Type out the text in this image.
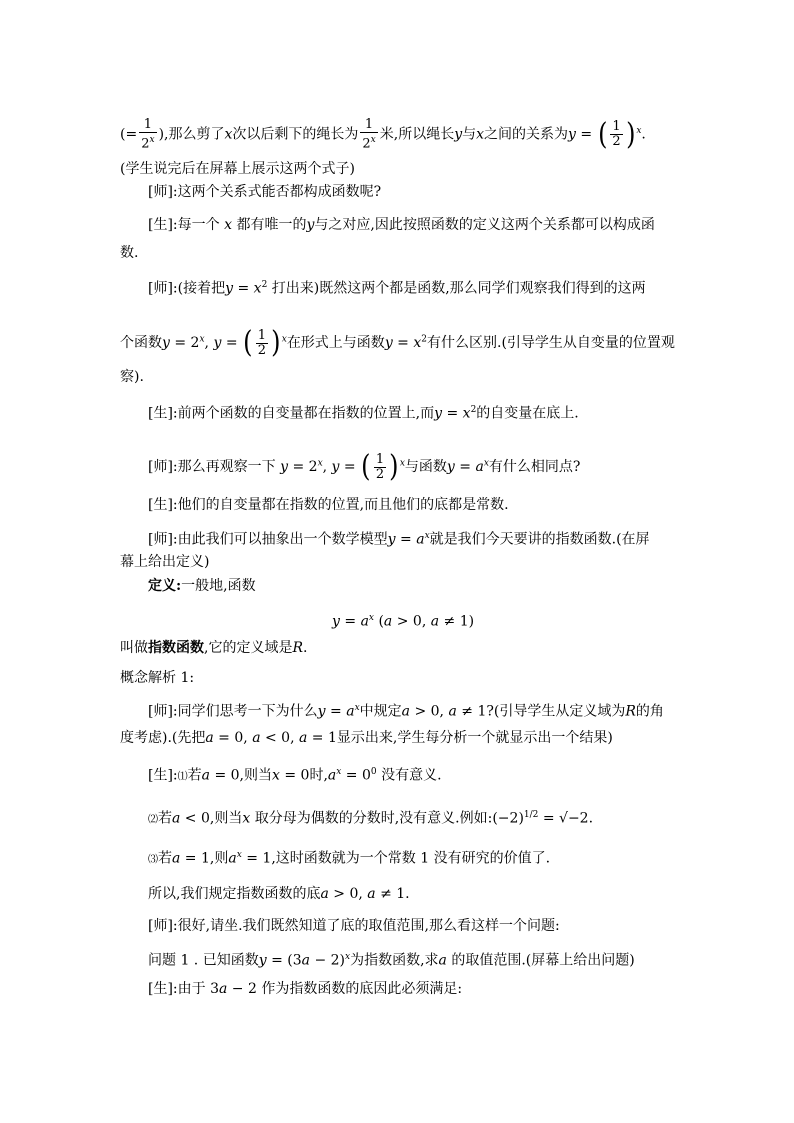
(= $\frac{1}{2^x}$ ),那么剪了x次以后剩下的绳长为 $\frac{1}{2^x}$ 米,所以绳长y与x之间的关系为y = ( $\frac{1}{2} )^x$.
(学生说完后在屏幕上展示这两个式子)
[师]:这两个关系式能否都构成函数呢?
[生]:每一个 x 都有唯一的y与之对应,因此按照函数的定义这两个关系都可以构成函
数.
[师]:(接着把$y = x^2$ 打出来)既然这两个都是函数,那么同学们观察我们得到的这两
个函数$y = 2^x$, y = ( $\frac{1}{2} )^x$在形式上与函数$y = x^2$有什么区别.(引导学生从自变量的位置观
察).
[生]:前两个函数的自变量都在指数的位置上,而$y = x^2$的自变量在底上.
[师]:那么再观察一下 $y = 2^x$, y = ( $\frac{1}{2} )^x$与函数$y = a^x$有什么相同点?
[生]:他们的自变量都在指数的位置,而且他们的底都是常数.
[师]:由此我们可以抽象出一个数学模型$y = a^x$就是我们今天要讲的指数函数.(在屏
幕上给出定义)
定义:一般地,函数
$y = a^x$ (a > 0, a ≠ 1)
叫做指数函数,它的定义域是R.
概念解析 1:
[师]:同学们思考一下为什么$y = a^x$中规定a > 0, a ≠ 1?(引导学生从定义域为R的角
度考虑).(先把a = 0, a < 0, a = 1显示出来,学生每分析一个就显示出一个结果)
[生]:⑴若a = 0,则当x = 0时$,a^x = 0^0$ 没有意义.
⑵若a < 0,则当x 取分母为偶数的分数时,没有意义.例如$:(-2)^{1/2} = √-2$.
⑶若a = 1,则$a^x = 1$,这时函数就为一个常数 1 没有研究的价值了.
所以,我们规定指数函数的底a > 0, a ≠ 1.
[师]:很好,请坐.我们既然知道了底的取值范围,那么看这样一个问题:
问题 1 . 已知函数$y = (3a - 2)^x$为指数函数,求a 的取值范围.(屏幕上给出问题)
[生]:由于 3a − 2 作为指数函数的底因此必须满足:
